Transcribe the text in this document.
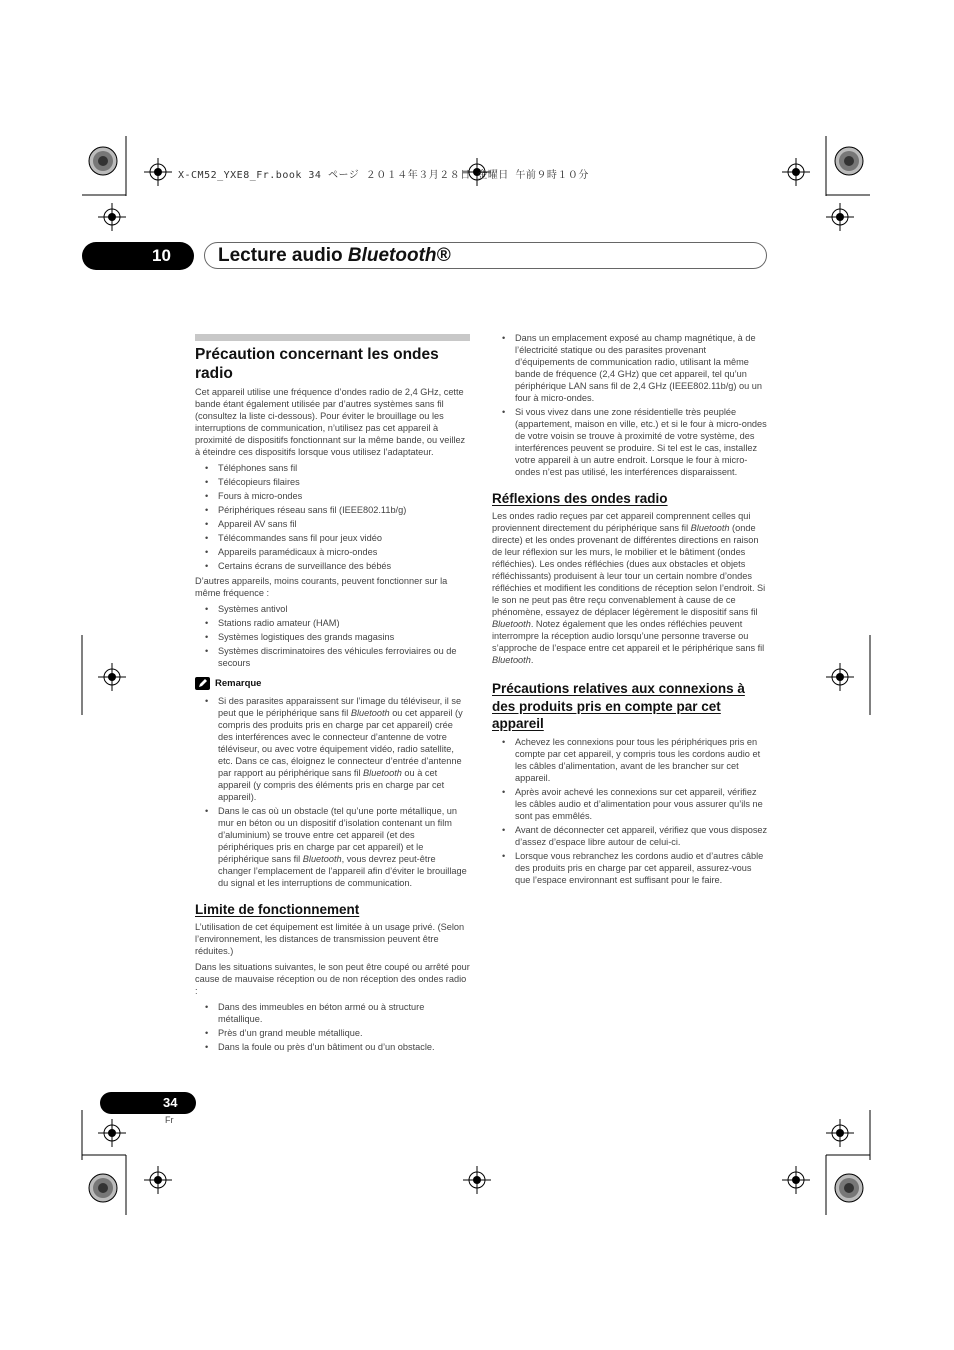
X-CM52_YXE8_Fr.book 34 ページ ２０１４年３月２８日 金曜日 午前９時１０分
10	Lecture audio Bluetooth®
Précaution concernant les ondes radio

Cet appareil utilise une fréquence d’ondes radio de 2,4 GHz, cette bande étant également utilisée par d’autres systèmes sans fil (consultez la liste ci-dessous). Pour éviter le brouillage ou les interruptions de communication, n’utilisez pas cet appareil à proximité de dispositifs fonctionnant sur la même bande, ou veillez à éteindre ces dispositifs lorsque vous utilisez l’adaptateur.

• Téléphones sans fil
• Télécopieurs filaires
• Fours à micro-ondes
• Périphériques réseau sans fil (IEEE802.11b/g)
• Appareil AV sans fil
• Télécommandes sans fil pour jeux vidéo
• Appareils paramédicaux à micro-ondes
• Certains écrans de surveillance des bébés

D’autres appareils, moins courants, peuvent fonctionner sur la même fréquence :

• Systèmes antivol
• Stations radio amateur (HAM)
• Systèmes logistiques des grands magasins
• Systèmes discriminatoires des véhicules ferroviaires ou de secours
Remarque
• Si des parasites apparaissent sur l’image du téléviseur, il se peut que le périphérique sans fil Bluetooth ou cet appareil (y compris des produits pris en charge par cet appareil) crée des interférences avec le connecteur d’antenne de votre téléviseur, ou avec votre équipement vidéo, radio satellite, etc. Dans ce cas, éloignez le connecteur d’entrée d’antenne par rapport au périphérique sans fil Bluetooth ou à cet appareil (y compris des éléments pris en charge par cet appareil).
• Dans le cas où un obstacle (tel qu’une porte métallique, un mur en béton ou un dispositif d’isolation contenant un film d’aluminium) se trouve entre cet appareil (et des périphériques pris en charge par cet appareil) et le périphérique sans fil Bluetooth, vous devrez peut-être changer l’emplacement de l’appareil afin d’éviter le brouillage du signal et les interruptions de communication.
Limite de fonctionnement

L’utilisation de cet équipement est limitée à un usage privé. (Selon l’environnement, les distances de transmission peuvent être réduites.)

Dans les situations suivantes, le son peut être coupé ou arrêté pour cause de mauvaise réception ou de non réception des ondes radio :

• Dans des immeubles en béton armé ou à structure métallique.
• Près d’un grand meuble métallique.
• Dans la foule ou près d’un bâtiment ou d’un obstacle.
• Dans un emplacement exposé au champ magnétique, à de l’électricité statique ou des parasites provenant d’équipements de communication radio, utilisant la même bande de fréquence (2,4 GHz) que cet appareil, tel qu’un périphérique LAN sans fil de 2,4 GHz (IEEE802.11b/g) ou un four à micro-ondes.
• Si vous vivez dans une zone résidentielle très peuplée (appartement, maison en ville, etc.) et si le four à micro-ondes de votre voisin se trouve à proximité de votre système, des interférences peuvent se produire. Si tel est le cas, installez votre appareil à un autre endroit. Lorsque le four à micro-ondes n’est pas utilisé, les interférences disparaissent.
Réflexions des ondes radio

Les ondes radio reçues par cet appareil comprennent celles qui proviennent directement du périphérique sans fil Bluetooth (onde directe) et les ondes provenant de différentes directions en raison de leur réflexion sur les murs, le mobilier et le bâtiment (ondes réfléchies). Les ondes réfléchies (dues aux obstacles et objets réfléchissants) produisent à leur tour un certain nombre d’ondes réfléchies et modifient les conditions de réception selon l’endroit. Si le son ne peut pas être reçu convenablement à cause de ce phénomène, essayez de déplacer légèrement le dispositif sans fil Bluetooth. Notez également que les ondes réfléchies peuvent interrompre la réception audio lorsqu’une personne traverse ou s’approche de l’espace entre cet appareil et le périphérique sans fil Bluetooth.

Précautions relatives aux connexions à des produits pris en compte par cet appareil
• Achevez les connexions pour tous les périphériques pris en compte par cet appareil, y compris tous les cordons audio et les câbles d’alimentation, avant de les brancher sur cet appareil.
• Après avoir achevé les connexions sur cet appareil, vérifiez les câbles audio et d’alimentation pour vous assurer qu’ils ne sont pas emmêlés.
• Avant de déconnecter cet appareil, vérifiez que vous disposez d’assez d’espace libre autour de celui-ci.
• Lorsque vous rebranchez les cordons audio et d’autres câble des produits pris en charge par cet appareil, assurez-vous que l’espace environnant est suffisant pour le faire.
34
Fr
